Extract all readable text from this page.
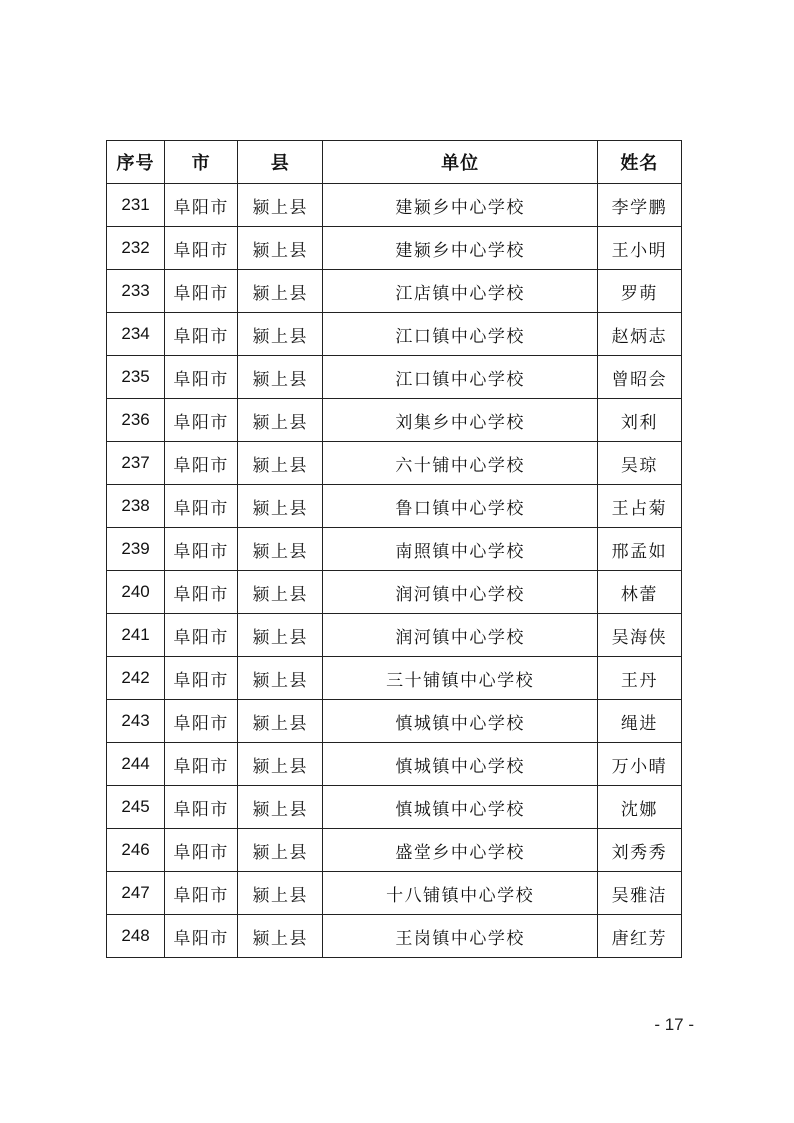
序号	市	县	单位	姓名
231	阜阳市	颍上县	建颍乡中心学校	李学鹏
232	阜阳市	颍上县	建颍乡中心学校	王小明
233	阜阳市	颍上县	江店镇中心学校	罗萌
234	阜阳市	颍上县	江口镇中心学校	赵炳志
235	阜阳市	颍上县	江口镇中心学校	曾昭会
236	阜阳市	颍上县	刘集乡中心学校	刘利
237	阜阳市	颍上县	六十铺中心学校	吴琼
238	阜阳市	颍上县	鲁口镇中心学校	王占菊
239	阜阳市	颍上县	南照镇中心学校	邢孟如
240	阜阳市	颍上县	润河镇中心学校	林蕾
241	阜阳市	颍上县	润河镇中心学校	吴海侠
242	阜阳市	颍上县	三十铺镇中心学校	王丹
243	阜阳市	颍上县	慎城镇中心学校	绳进
244	阜阳市	颍上县	慎城镇中心学校	万小晴
245	阜阳市	颍上县	慎城镇中心学校	沈娜
246	阜阳市	颍上县	盛堂乡中心学校	刘秀秀
247	阜阳市	颍上县	十八铺镇中心学校	吴雅洁
248	阜阳市	颍上县	王岗镇中心学校	唐红芳
- 17 -
